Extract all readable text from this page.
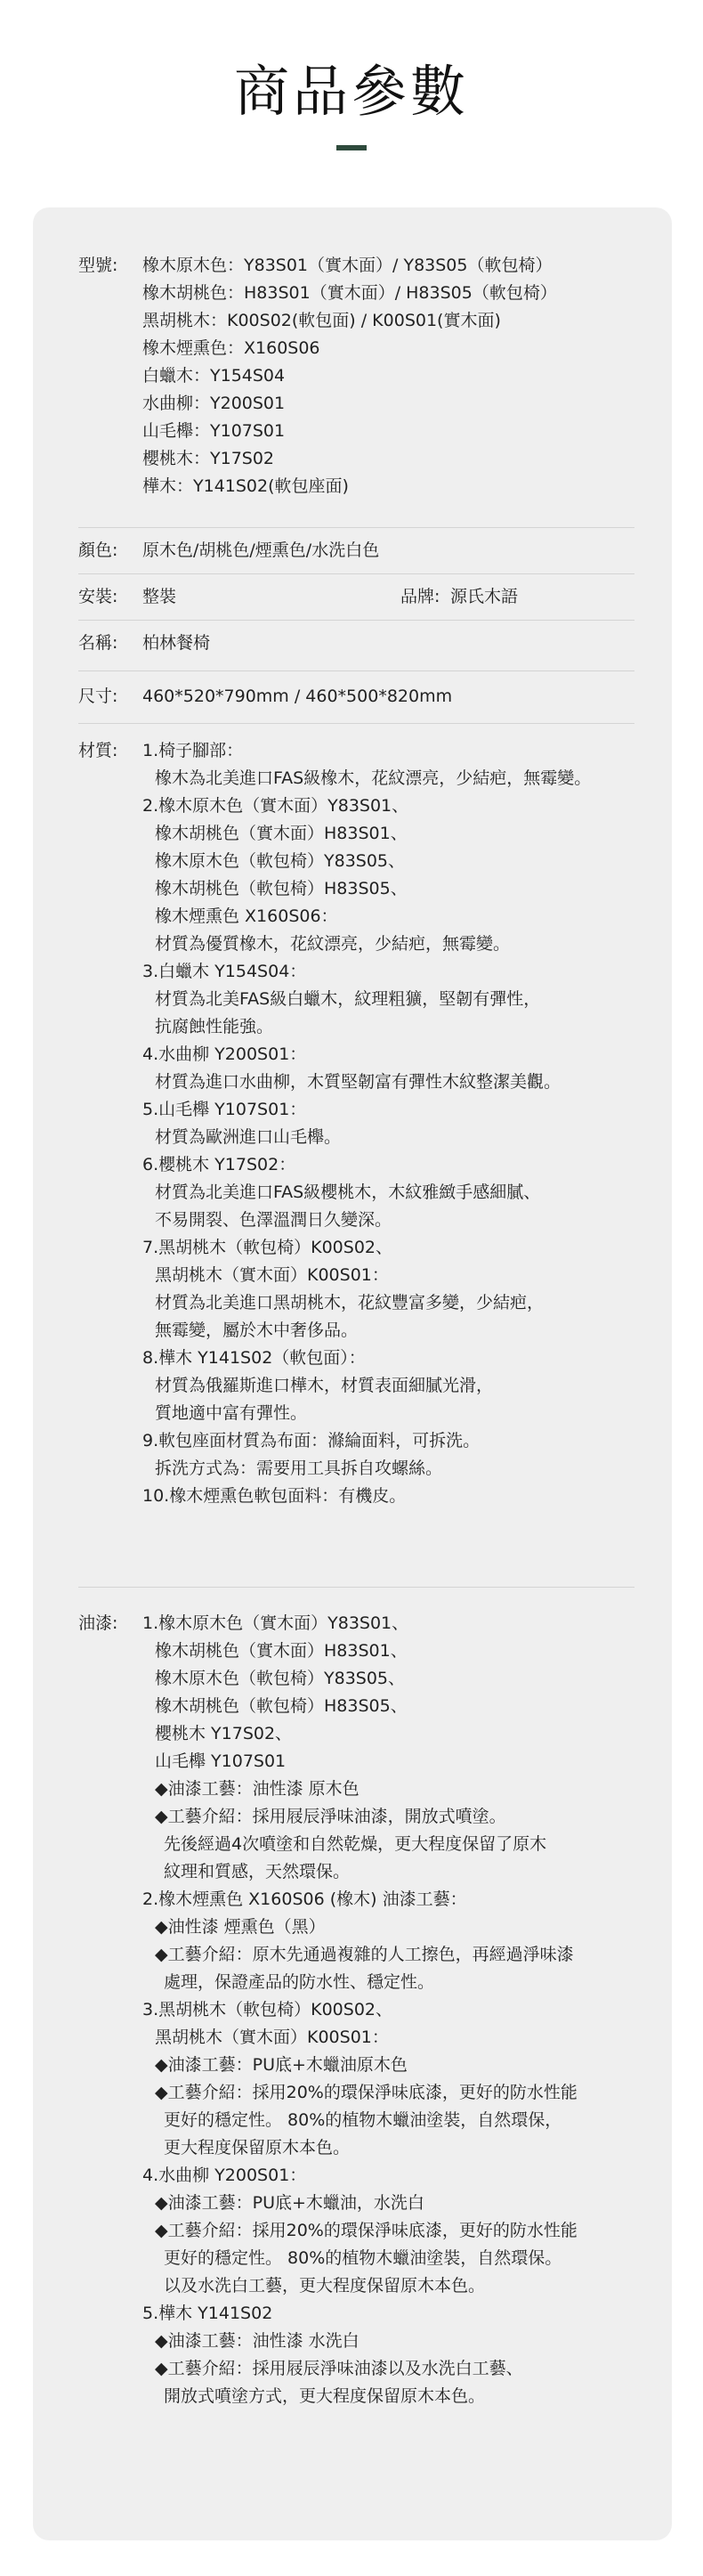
商品參數
型號:	橡木原木色：Y83S01（實木面）/ Y83S05（軟包椅）
橡木胡桃色：H83S01（實木面）/ H83S05（軟包椅）
黑胡桃木：K00S02(軟包面) / K00S01(實木面)
橡木煙熏色：X160S06
白蠟木：Y154S04
水曲柳：Y200S01
山毛櫸：Y107S01
櫻桃木：Y17S02
樺木：Y141S02(軟包座面)
顏色:	原木色/胡桃色/煙熏色/水洗白色
安裝:	整裝	品牌: 源氏木語
名稱:	柏林餐椅
尺寸:	460*520*790mm / 460*500*820mm
材質:	1.椅子腳部：
橡木為北美進口FAS級橡木，花紋漂亮，少結疤，無霉變。
2.橡木原木色（實木面）Y83S01、
橡木胡桃色（實木面）H83S01、
橡木原木色（軟包椅）Y83S05、
橡木胡桃色（軟包椅）H83S05、
橡木煙熏色 X160S06：
材質為優質橡木，花紋漂亮，少結疤，無霉變。
3.白蠟木 Y154S04：
材質為北美FAS級白蠟木，紋理粗獷，堅韌有彈性，
抗腐蝕性能強。
4.水曲柳 Y200S01：
材質為進口水曲柳，木質堅韌富有彈性木紋整潔美觀。
5.山毛櫸 Y107S01：
材質為歐洲進口山毛櫸。
6.櫻桃木 Y17S02：
材質為北美進口FAS級櫻桃木，木紋雅緻手感細膩、
不易開裂、色澤溫潤日久變深。
7.黑胡桃木（軟包椅）K00S02、
黑胡桃木（實木面）K00S01：
材質為北美進口黑胡桃木，花紋豐富多變，少結疤，
無霉變，屬於木中奢侈品。
8.樺木 Y141S02（軟包面）：
材質為俄羅斯進口樺木，材質表面細膩光滑，
質地適中富有彈性。
9.軟包座面材質為布面：滌綸面料，可拆洗。
拆洗方式為：需要用工具拆自攻螺絲。
10.橡木煙熏色軟包面料：有機皮。
油漆:	1.橡木原木色（實木面）Y83S01、
橡木胡桃色（實木面）H83S01、
橡木原木色（軟包椅）Y83S05、
橡木胡桃色（軟包椅）H83S05、
櫻桃木 Y17S02、
山毛櫸 Y107S01
◆油漆工藝：油性漆 原木色
◆工藝介紹：採用屐辰淨味油漆，開放式噴塗。
先後經過4次噴塗和自然乾燥，更大程度保留了原木
紋理和質感，天然環保。
2.橡木煙熏色 X160S06 (橡木) 油漆工藝：
◆油性漆 煙熏色（黑）
◆工藝介紹：原木先通過複雜的人工擦色，再經過淨味漆
處理，保證產品的防水性、穩定性。
3.黑胡桃木（軟包椅）K00S02、
黑胡桃木（實木面）K00S01：
◆油漆工藝：PU底+木蠟油原木色
◆工藝介紹：採用20%的環保淨味底漆，更好的防水性能
更好的穩定性。 80%的植物木蠟油塗裝，自然環保，
更大程度保留原木本色。
4.水曲柳 Y200S01：
◆油漆工藝：PU底+木蠟油，水洗白
◆工藝介紹：採用20%的環保淨味底漆，更好的防水性能
更好的穩定性。 80%的植物木蠟油塗裝，自然環保。
以及水洗白工藝，更大程度保留原木本色。
5.樺木 Y141S02
◆油漆工藝：油性漆 水洗白
◆工藝介紹：採用屐辰淨味油漆以及水洗白工藝、
開放式噴塗方式，更大程度保留原木本色。
